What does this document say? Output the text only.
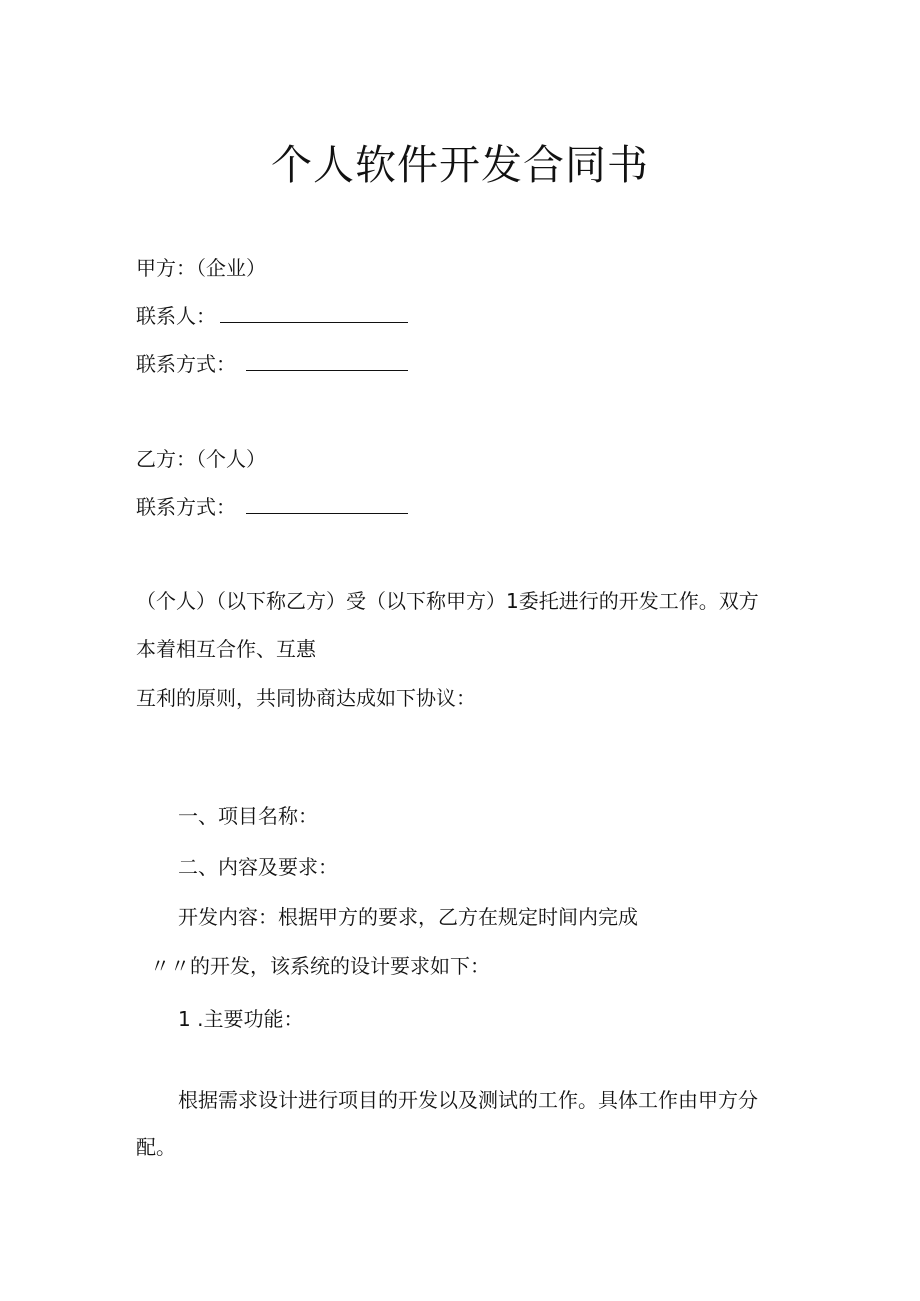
个人软件开发合同书
甲方：（企业）
联系人：
联系方式：
乙方：（个人）
联系方式：
（个人）（以下称乙方）受（以下称甲方）1委托进行的开发工作。双方
本着相互合作、互惠
互利的原则，共同协商达成如下协议：
一、项目名称：
二、内容及要求：
开发内容：根据甲方的要求，乙方在规定时间内完成
〃〃的开发，该系统的设计要求如下：
1 .主要功能：
根据需求设计进行项目的开发以及测试的工作。具体工作由甲方分
配。
